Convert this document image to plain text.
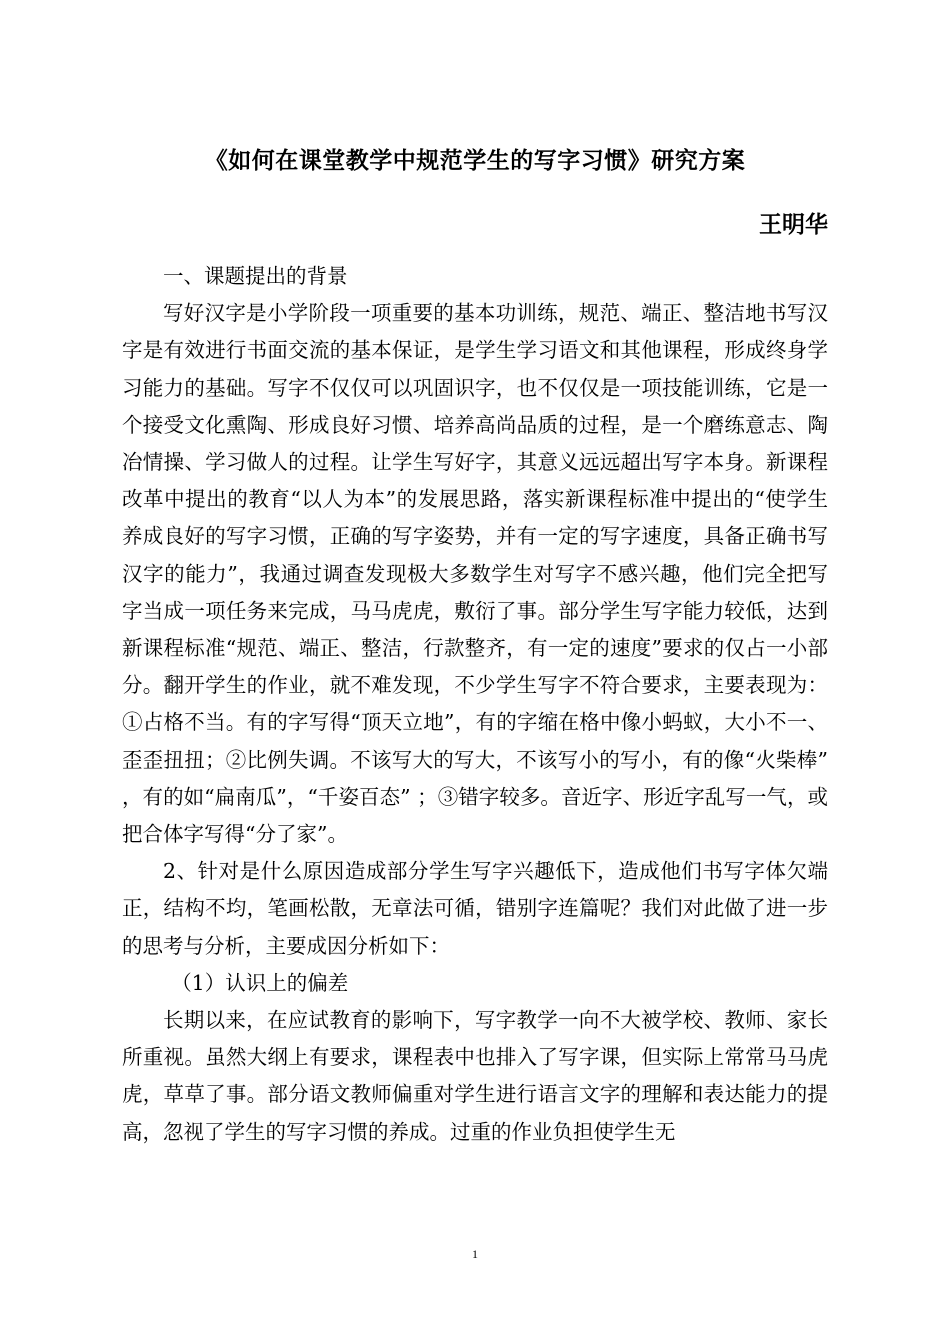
《如何在课堂教学中规范学生的写字习惯》研究方案
王明华

一、课题提出的背景

写好汉字是小学阶段一项重要的基本功训练，规范、端正、整洁地书写汉字是有效进行书面交流的基本保证，是学生学习语文和其他课程，形成终身学习能力的基础。写字不仅仅可以巩固识字，也不仅仅是一项技能训练，它是一个接受文化熏陶、形成良好习惯、培养高尚品质的过程，是一个磨练意志、陶冶情操、学习做人的过程。让学生写好字，其意义远远超出写字本身。新课程改革中提出的教育“以人为本”的发展思路，落实新课程标准中提出的“使学生养成良好的写字习惯，正确的写字姿势，并有一定的写字速度，具备正确书写汉字的能力”，我通过调查发现极大多数学生对写字不感兴趣，他们完全把写字当成一项任务来完成，马马虎虎，敷衍了事。部分学生写字能力较低，达到新课程标准“规范、端正、整洁，行款整齐，有一定的速度”要求的仅占一小部分。翻开学生的作业，就不难发现，不少学生写字不符合要求，主要表现为：①占格不当。有的字写得“顶天立地”，有的字缩在格中像小蚂蚁，大小不一、歪歪扭扭；②比例失调。不该写大的写大，不该写小的写小，有的像“火柴棒” ，有的如“扁南瓜”，“千姿百态” ；③错字较多。音近字、形近字乱写一气，或把合体字写得“分了家”。

2、针对是什么原因造成部分学生写字兴趣低下，造成他们书写字体欠端正，结构不均，笔画松散，无章法可循，错别字连篇呢？我们对此做了进一步的思考与分析，主要成因分析如下：

（1）认识上的偏差

长期以来，在应试教育的影响下，写字教学一向不大被学校、教师、家长所重视。虽然大纲上有要求，课程表中也排入了写字课，但实际上常常马马虎虎，草草了事。部分语文教师偏重对学生进行语言文字的理解和表达能力的提高，忽视了学生的写字习惯的养成。过重的作业负担使学生无

1
